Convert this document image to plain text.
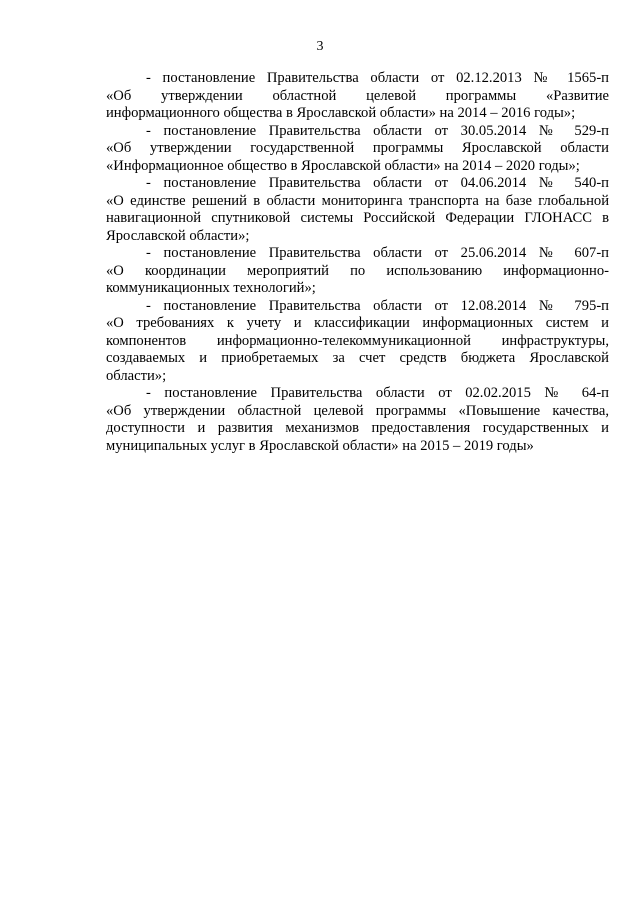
3
- постановление Правительства области от 02.12.2013 № 1565-п
«Об утверждении областной целевой программы «Развитие
информационного общества в Ярославской области» на 2014 – 2016 годы»;
- постановление Правительства области от 30.05.2014 № 529-п
«Об утверждении государственной программы Ярославской области
«Информационное общество в Ярославской области» на 2014 – 2020 годы»;
- постановление Правительства области от 04.06.2014 № 540-п
«О единстве решений в области мониторинга транспорта на базе глобальной
навигационной спутниковой системы Российской Федерации ГЛОНАСС в
Ярославской области»;
- постановление Правительства области от 25.06.2014 № 607-п
«О координации мероприятий по использованию информационно-
коммуникационных технологий»;
- постановление Правительства области от 12.08.2014 № 795-п
«О требованиях к учету и классификации информационных систем и
компонентов информационно-телекоммуникационной инфраструктуры,
создаваемых и приобретаемых за счет средств бюджета Ярославской
области»;
- постановление Правительства области от 02.02.2015 № 64-п
«Об утверждении областной целевой программы «Повышение качества,
доступности и развития механизмов предоставления государственных и
муниципальных услуг в Ярославской области» на 2015 – 2019 годы»
